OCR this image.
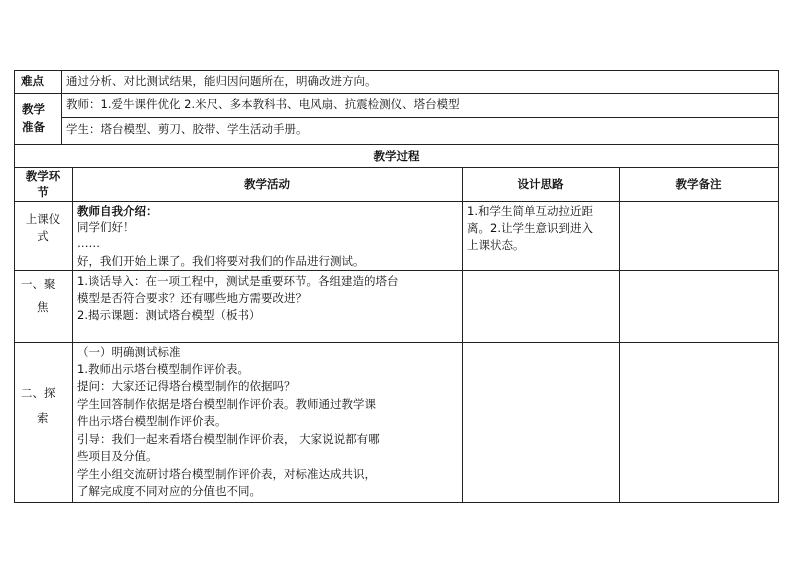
难点 通过分析、对比测试结果，能归因问题所在，明确改进方向。
教学
准备
教师：1.爱牛课件优化 2.米尺、多本教科书、电风扇、抗震检测仪、塔台模型
学生：塔台模型、剪刀、胶带、学生活动手册。
教学过程
教学环
节
教学活动	设计思路	教学备注
上课仪
式
教师自我介绍：
同学们好！
……
好，我们开始上课了。我们将要对我们的作品进行测试。
1.和学生简单互动拉近距
离。2.让学生意识到进入
上课状态。
一、聚
焦
1.谈话导入：在一项工程中，测试是重要环节。各组建造的塔台
模型是否符合要求？还有哪些地方需要改进？
2.揭示课题：测试塔台模型（板书）
二、探
索
（一）明确测试标准
1.教师出示塔台模型制作评价表。
提问：大家还记得塔台模型制作的依据吗？
学生回答制作依据是塔台模型制作评价表。教师通过教学课
件出示塔台模型制作评价表。
引导：我们一起来看塔台模型制作评价表， 大家说说都有哪
些项目及分值。
学生小组交流研讨塔台模型制作评价表，对标准达成共识，
了解完成度不同对应的分值也不同。
